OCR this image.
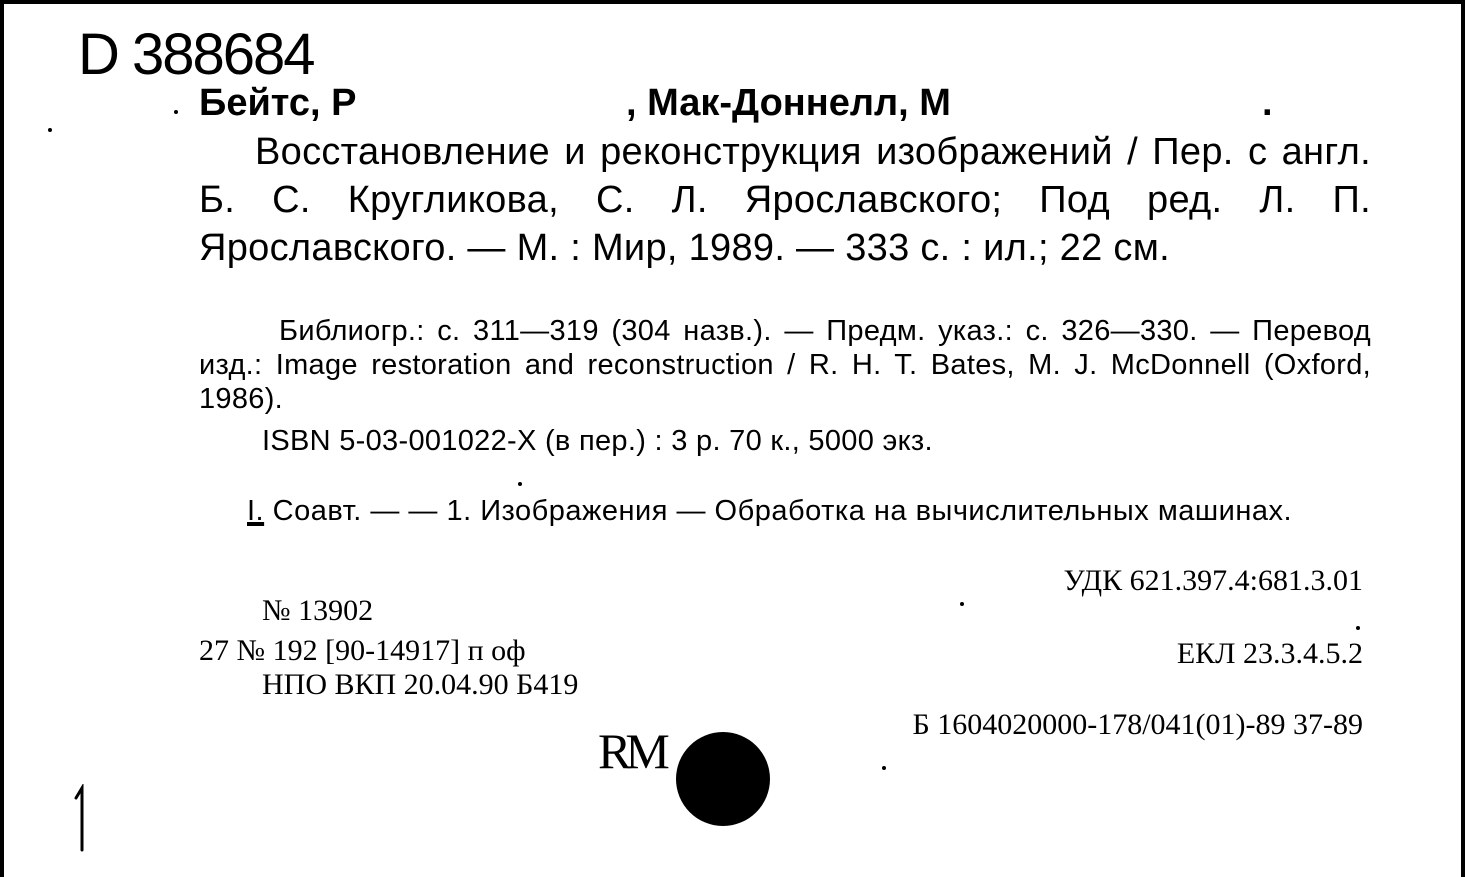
D 388684
Бейтс, Р	, Мак-Доннелл, М	.
Восстановление и реконструкция изображений / Пер. с англ. Б. С. Кругликова, С. Л. Ярославского; Под ред. Л. П. Ярославского. — М. : Мир, 1989. — 333 с. : ил.; 22 см.
Библиогр.: с. 311—319 (304 назв.). — Предм. указ.: с. 326—330. — Перевод изд.: Image restoration and reconstruction / R. H. T. Bates, M. J. McDonnell (Oxford, 1986).
ISBN 5-03-001022-X (в пер.) : 3 р. 70 к., 5000 экз.
I. Соавт. — — 1. Изображения — Обработка на вычислительных машинах.
УДК 621.397.4:681.3.01
№ 13902
27 № 192 [90-14917] п оф	ЕКЛ 23.3.4.5.2
НПО ВКП 20.04.90 Б419
Б 1604020000-178/041(01)-89 37-89
RM
